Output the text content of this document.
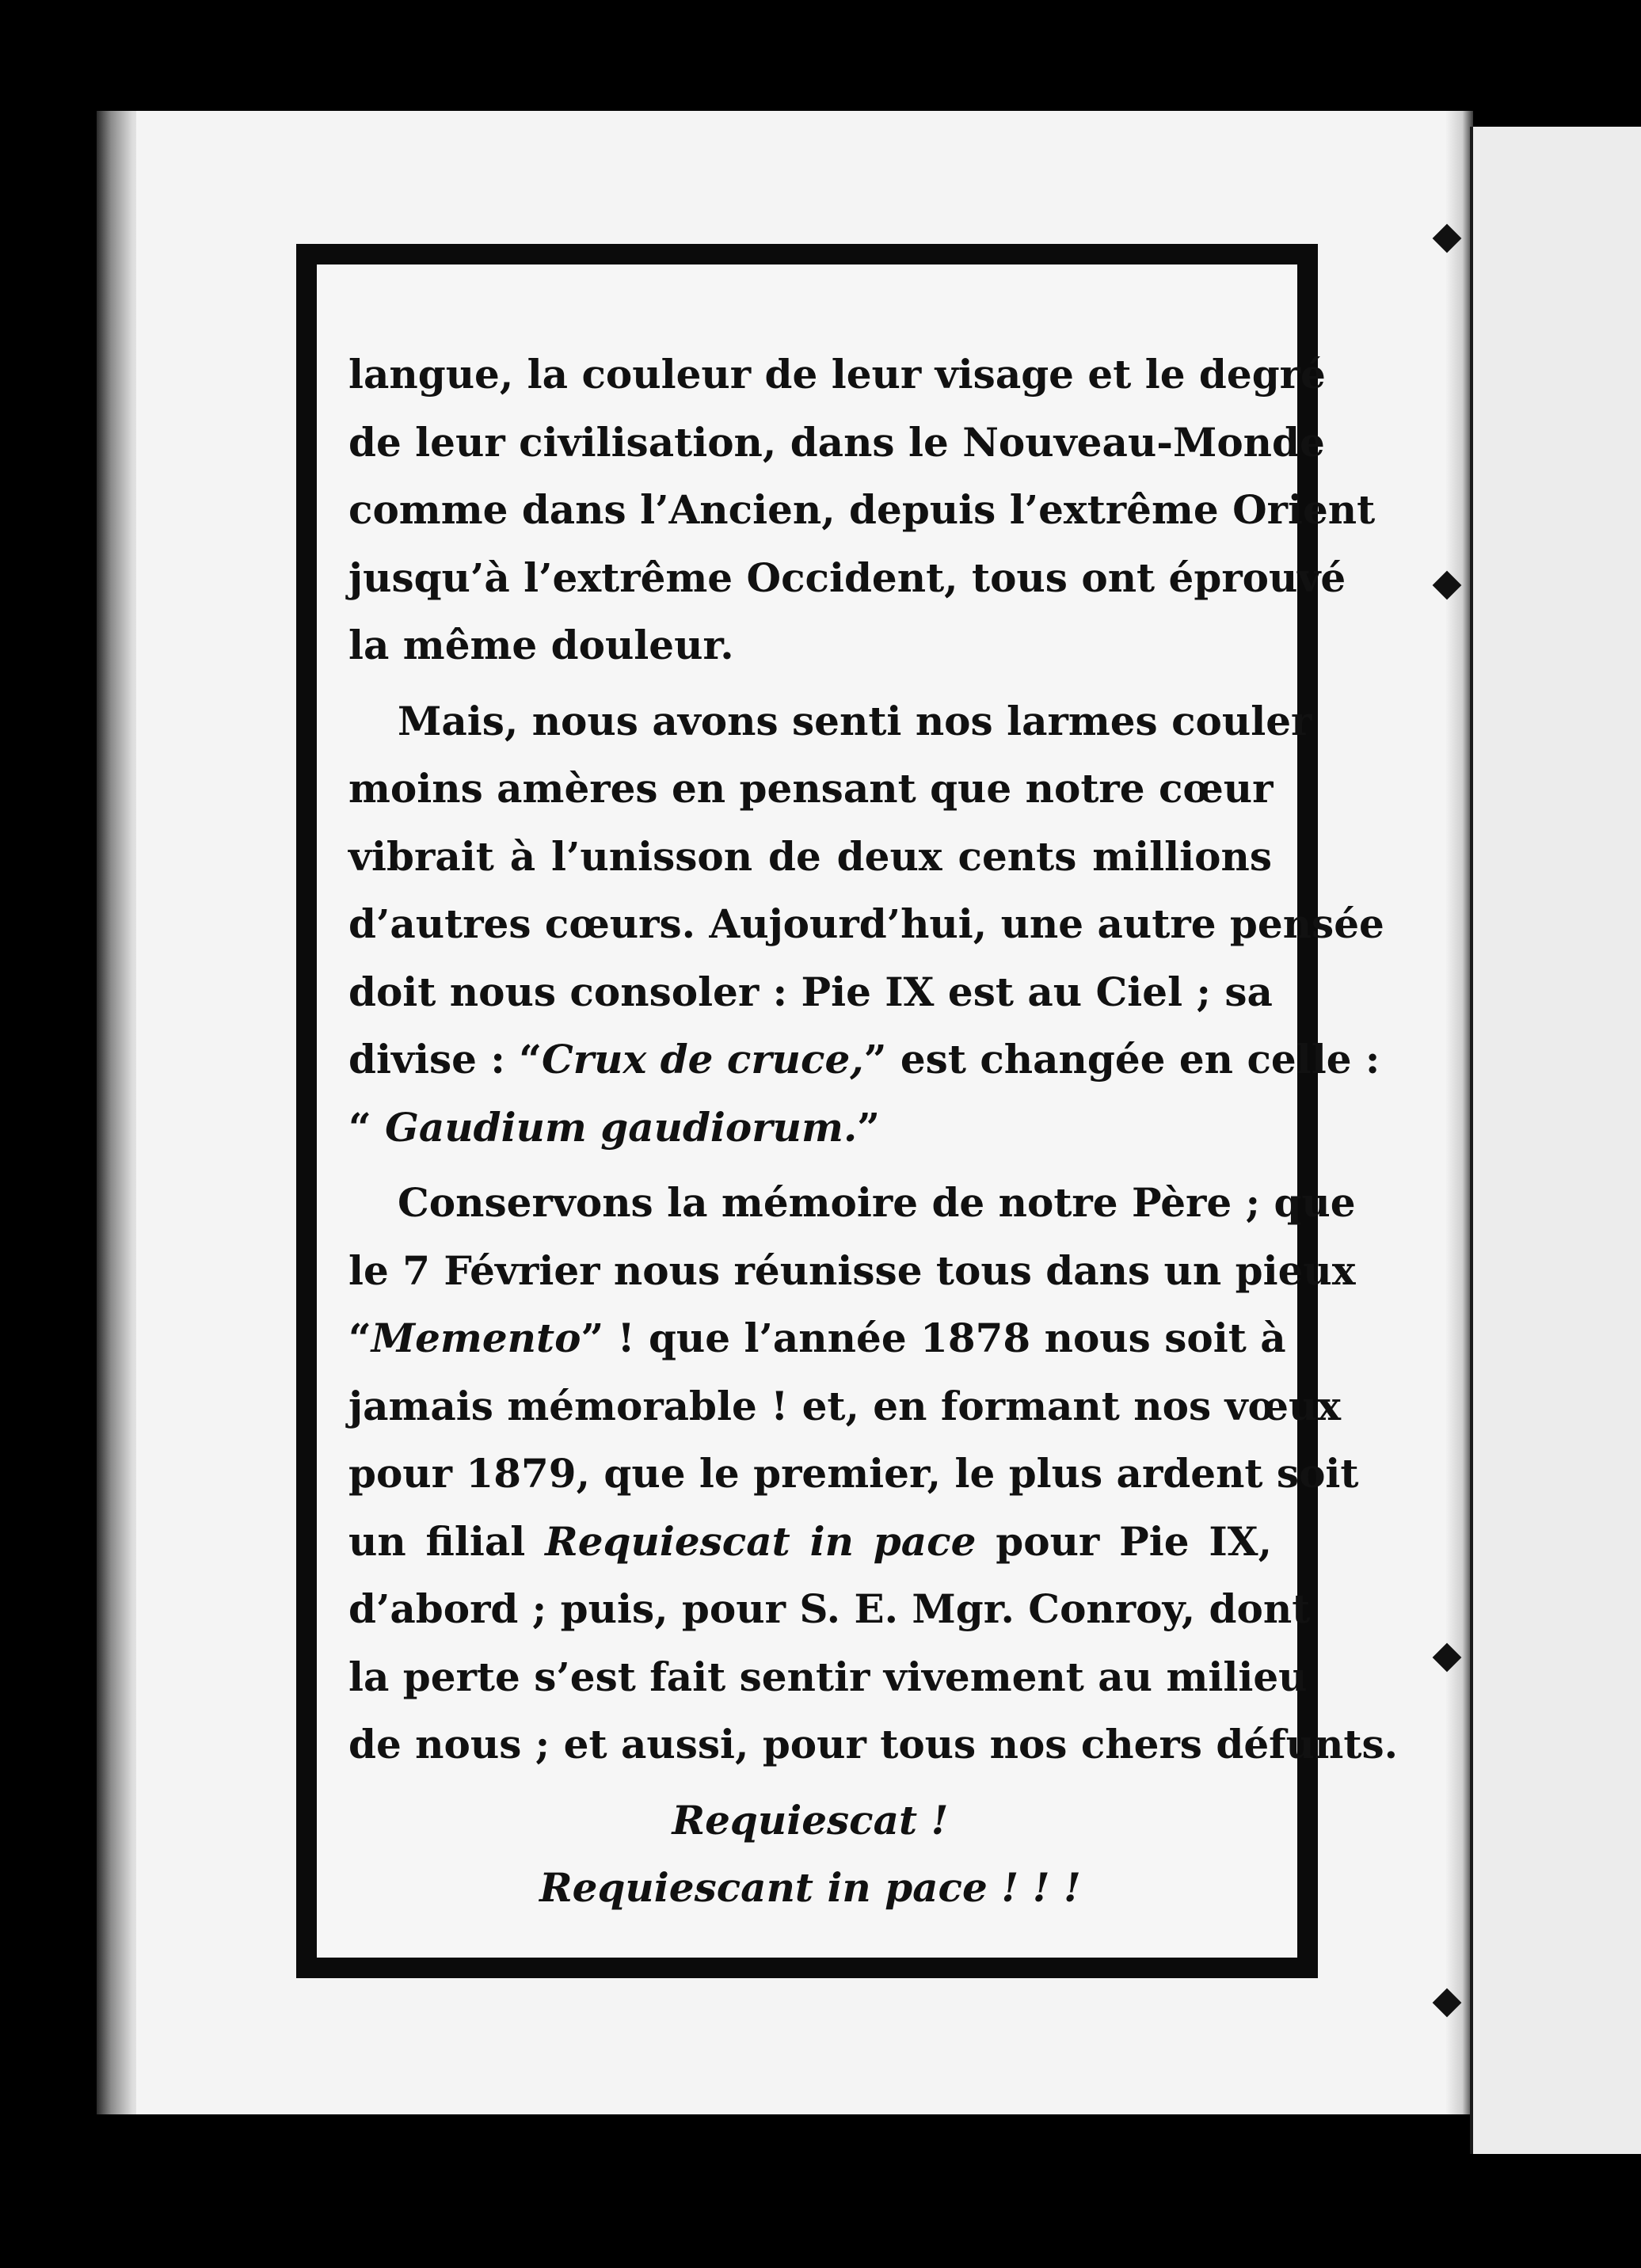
langue, la couleur de leur visage et le degré
de leur civilisation, dans le Nouveau-Monde
comme dans l’Ancien, depuis l’extrême Orient
jusqu’à l’extrême Occident, tous ont éprouvé
la même douleur.
Mais, nous avons senti nos larmes couler
moins amères en pensant que notre cœur
vibrait à l’unisson de deux cents millions
d’autres cœurs. Aujourd’hui, une autre pensée
doit nous consoler : Pie IX est au Ciel ; sa
divise : “Crux de cruce,” est changée en celle :
“ Gaudium gaudiorum.”
Conservons la mémoire de notre Père ; que
le 7 Février nous réunisse tous dans un pieux
“Memento” ! que l’année 1878 nous soit à
jamais mémorable ! et, en formant nos vœux
pour 1879, que le premier, le plus ardent soit
un filial Requiescat in pace pour Pie IX,
d’abord ; puis, pour S. E. Mgr. Conroy, dont
la perte s’est fait sentir vivement au milieu
de nous ; et aussi, pour tous nos chers défunts.
Requiescat !
Requiescant in pace ! ! !
